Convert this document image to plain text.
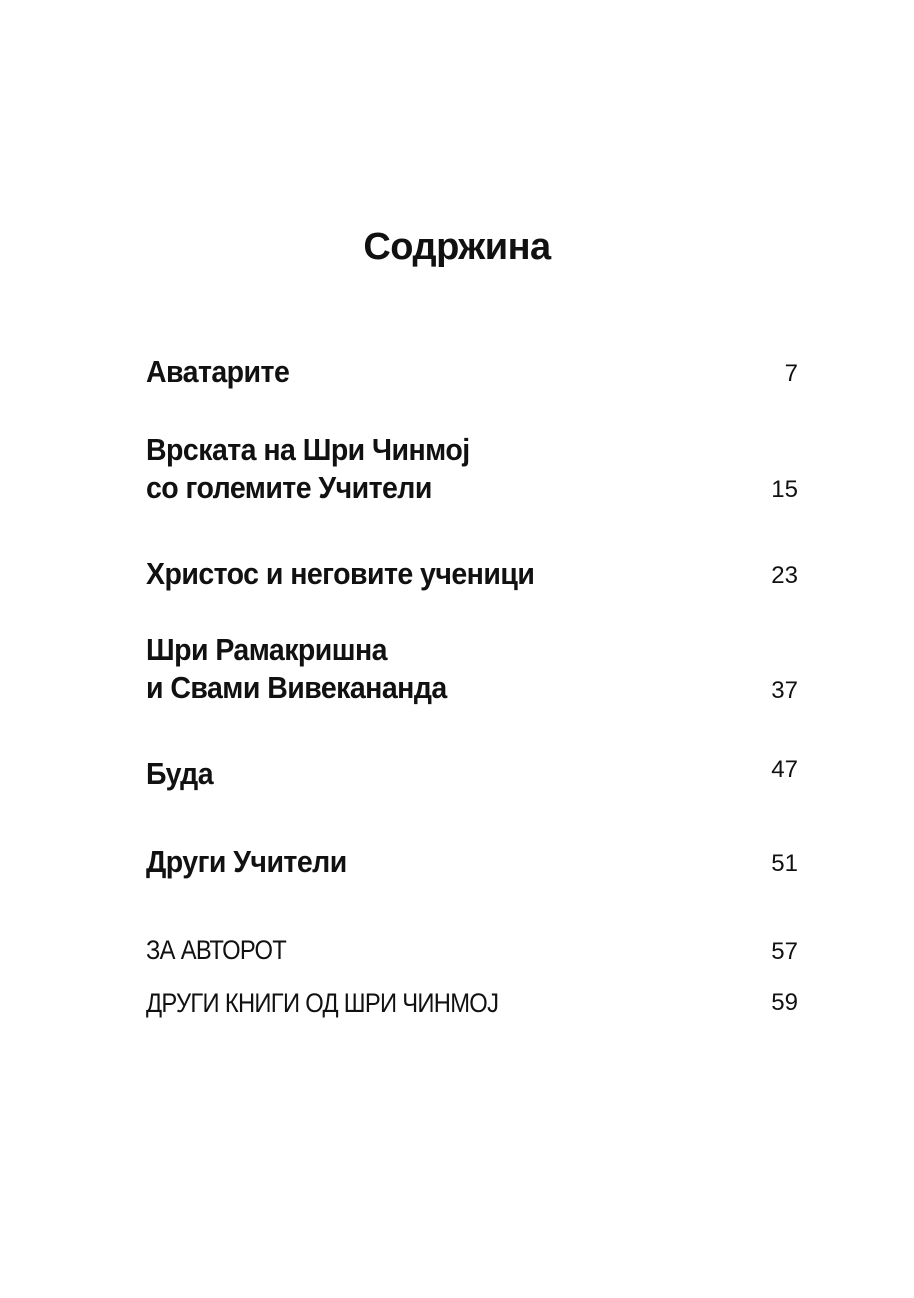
Содржина
Аватарите	7
Врската на Шри Чинмој
со големите Учители	15
Христос и неговите ученици	23
Шри Рамакришна
и Свами Вивекананда	37
Буда	47
Други Учители	51
ЗА АВТОРОТ	57
ДРУГИ КНИГИ ОД ШРИ ЧИНМОЈ	59
